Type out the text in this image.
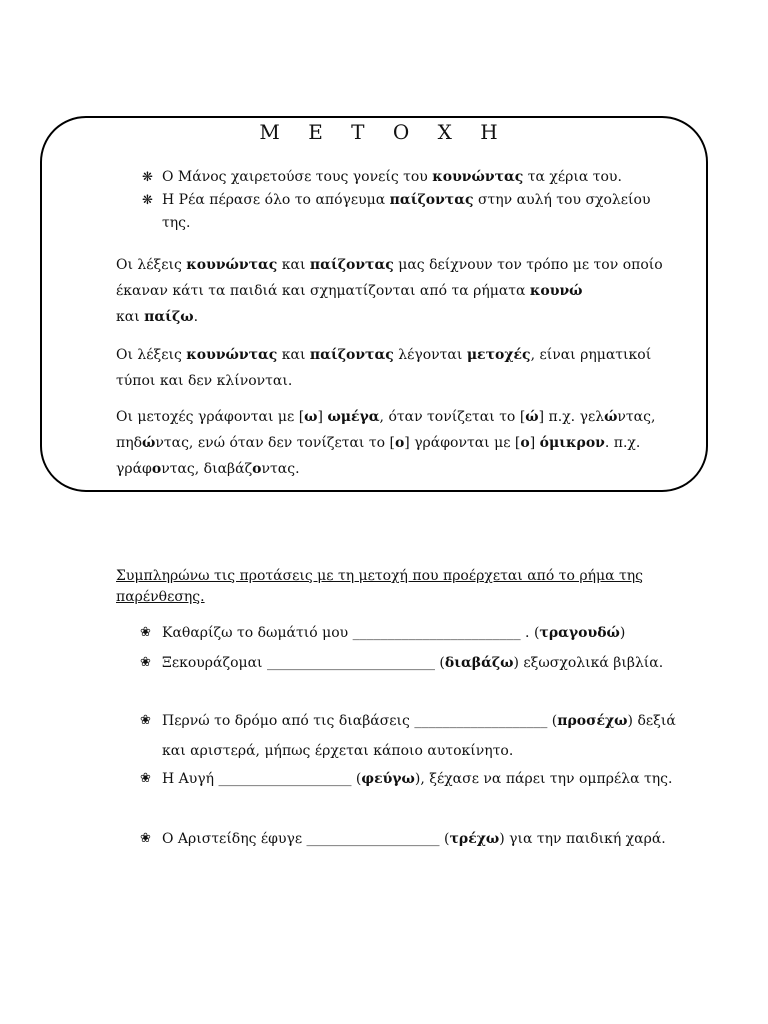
Μ Ε Τ Ο Χ Η
❋ Ο Μάνος χαιρετούσε τους γονείς του κουνώντας τα χέρια του.
❋ Η Ρέα πέρασε όλο το απόγευμα παίζοντας στην αυλή του σχολείου της.
Οι λέξεις κουνώντας και παίζοντας μας δείχνουν τον τρόπο με τον οποίο έκαναν κάτι τα παιδιά και σχηματίζονται από τα ρήματα κουνώ
και παίζω.
Οι λέξεις κουνώντας και παίζοντας λέγονται μετοχές, είναι ρηματικοί τύποι και δεν κλίνονται.
Οι μετοχές γράφονται με [ω] ωμέγα, όταν τονίζεται το [ώ] π.χ. γελώντας, πηδώντας, ενώ όταν δεν τονίζεται το [ο] γράφονται με [ο] όμικρον. π.χ. γράφοντας, διαβάζοντας.
Συμπληρώνω τις προτάσεις με τη μετοχή που προέρχεται από το ρήμα της παρένθεσης.
❀ Καθαρίζω το δωμάτιό μου ________________________ . (τραγουδώ)
❀ Ξεκουράζομαι ________________________ (διαβάζω) εξωσχολικά βιβλία.
❀ Περνώ το δρόμο από τις διαβάσεις ___________________ (προσέχω) δεξιά και αριστερά, μήπως έρχεται κάποιο αυτοκίνητο.
❀ Η Αυγή ___________________ (φεύγω), ξέχασε να πάρει την ομπρέλα της.
❀ Ο Αριστείδης έφυγε ___________________ (τρέχω) για την παιδική χαρά.
